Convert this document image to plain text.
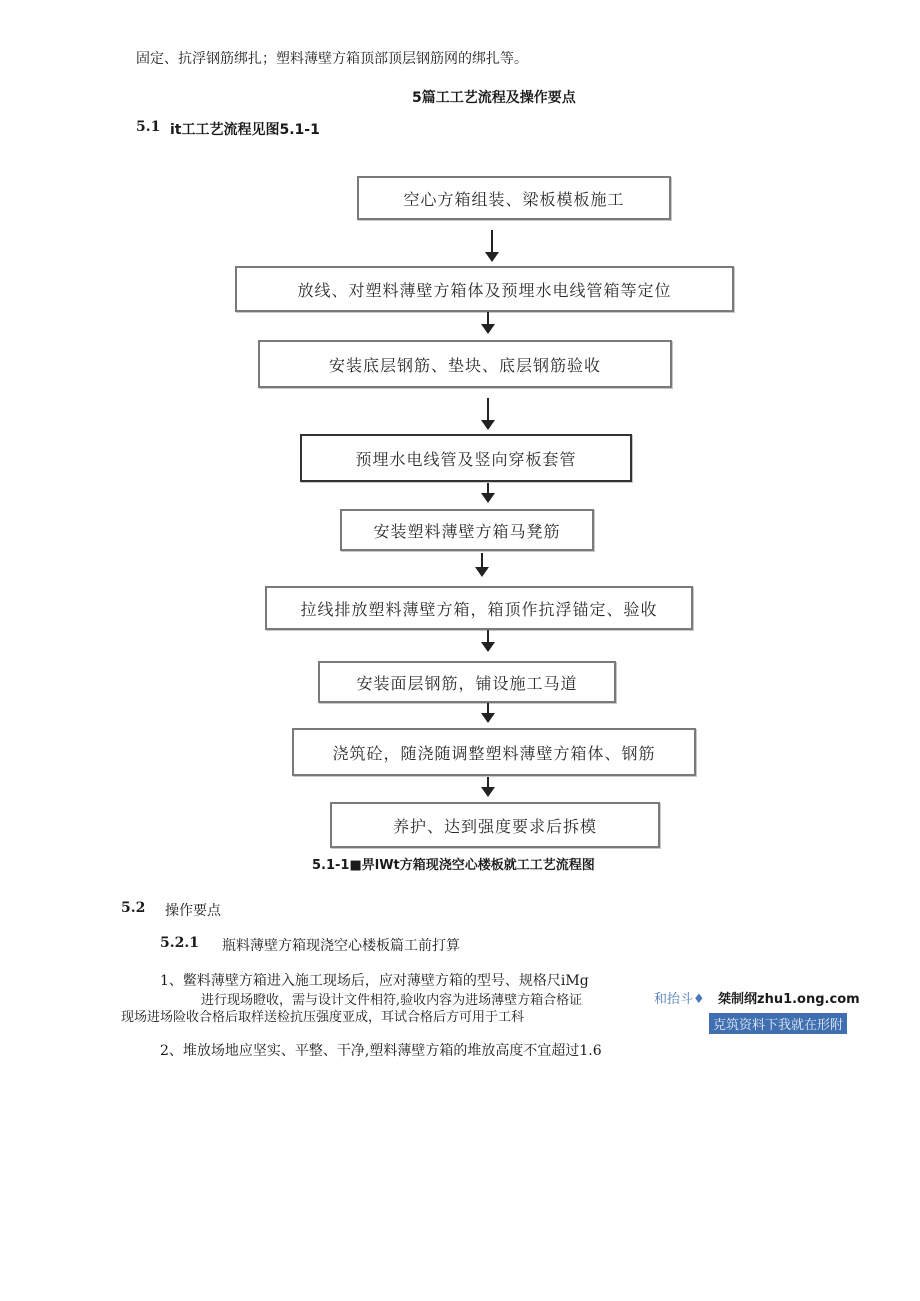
固定、抗浮钢筋绑扎；塑料薄壁方箱顶部顶层钢筋网的绑扎等。
5篇工工艺流程及操作要点
5.1 it工工艺流程见图5.1-1
空心方箱组装、梁板模板施工
放线、对塑料薄壁方箱体及预埋水电线管箱等定位
安装底层钢筋、垫块、底层钢筋验收
预埋水电线管及竖向穿板套管
安装塑料薄壁方箱马凳筋
拉线排放塑料薄壁方箱，箱顶作抗浮锚定、验收
安装面层钢筋，铺设施工马道
浇筑砼，随浇随调整塑料薄壁方箱体、钢筋
养护、达到强度要求后拆模
5.1-1■畀lWt方箱现浇空心楼板就工工艺流程图
5.2 操作要点
5.2.1 瓶料薄壁方箱现浇空心楼板篇工前打算
1、鳖料薄壁方箱进入施工现场后，应对薄壁方箱的型号、规格尺iMg
进行现场瞪收，需与设计文件相符,验收内容为进场薄壁方箱合格证	和抬斗♦ 桀制纲zhu1.ong.com
现场进场险收合格后取样送检抗压强度亚成，耳试合格后方可用于工科
克筑资料下我就在形附
2、堆放场地应坚实、平整、干净,塑料薄壁方箱的堆放高度不宜超过1.6
